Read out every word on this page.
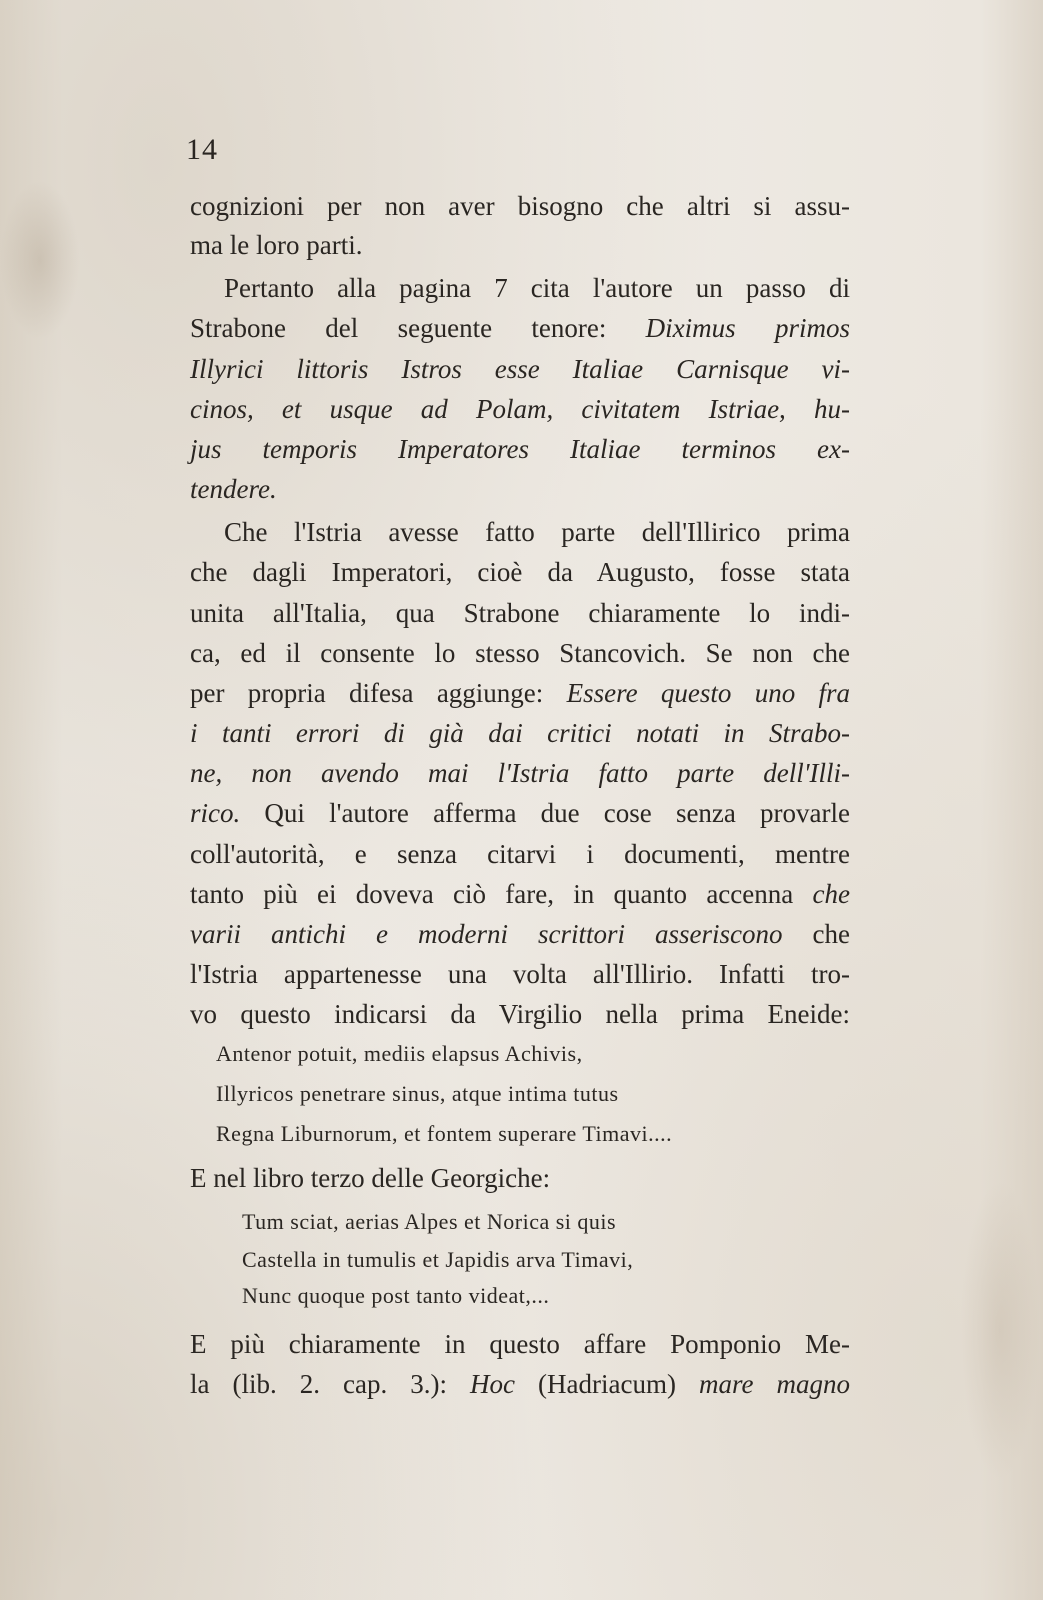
14
cognizioni per non aver bisogno che altri si assu-
ma le loro parti.
Pertanto alla pagina 7 cita l'autore un passo di
Strabone del seguente tenore: Diximus primos
Illyrici littoris Istros esse Italiae Carnisque vi-
cinos, et usque ad Polam, civitatem Istriae, hu-
jus temporis Imperatores Italiae terminos ex-
tendere.
Che l'Istria avesse fatto parte dell'Illirico prima
che dagli Imperatori, cioè da Augusto, fosse stata
unita all'Italia, qua Strabone chiaramente lo indi-
ca, ed il consente lo stesso Stancovich. Se non che
per propria difesa aggiunge: Essere questo uno fra
i tanti errori di già dai critici notati in Strabo-
ne, non avendo mai l'Istria fatto parte dell'Illi-
rico. Qui l'autore afferma due cose senza provarle
coll'autorità, e senza citarvi i documenti, mentre
tanto più ei doveva ciò fare, in quanto accenna che
varii antichi e moderni scrittori asseriscono che
l'Istria appartenesse una volta all'Illirio. Infatti tro-
vo questo indicarsi da Virgilio nella prima Eneide:
Antenor potuit, mediis elapsus Achivis,
Illyricos penetrare sinus, atque intima tutus
Regna Liburnorum, et fontem superare Timavi....
E nel libro terzo delle Georgiche:
Tum sciat, aerias Alpes et Norica si quis
Castella in tumulis et Japidis arva Timavi,
Nunc quoque post tanto videat,...
E più chiaramente in questo affare Pomponio Me-
la (lib. 2. cap. 3.): Hoc (Hadriacum) mare magno
